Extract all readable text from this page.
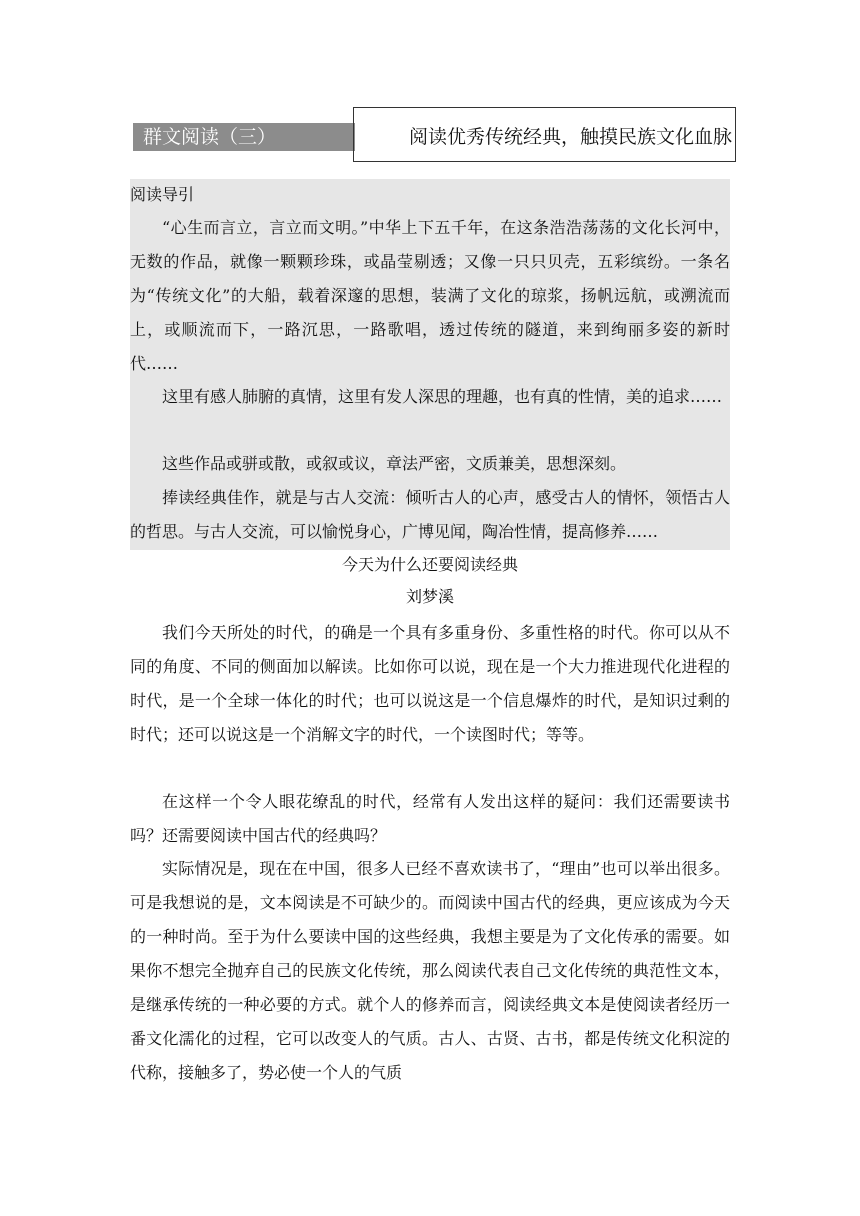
群文阅读（三）	阅读优秀传统经典，触摸民族文化血脉
阅读导引

“心生而言立，言立而文明。”中华上下五千年，在这条浩浩荡荡的文化长河中，无数的作品，就像一颗颗珍珠，或晶莹剔透；又像一只只贝壳，五彩缤纷。一条名为“传统文化”的大船，载着深邃的思想，装满了文化的琼浆，扬帆远航，或溯流而上，或顺流而下，一路沉思，一路歌唱，透过传统的隧道，来到绚丽多姿的新时代……

这里有感人肺腑的真情，这里有发人深思的理趣，也有真的性情，美的追求……

这些作品或骈或散，或叙或议，章法严密，文质兼美，思想深刻。

捧读经典佳作，就是与古人交流：倾听古人的心声，感受古人的情怀，领悟古人的哲思。与古人交流，可以愉悦身心，广博见闻，陶冶性情，提高修养……

今天为什么还要阅读经典
刘梦溪

我们今天所处的时代，的确是一个具有多重身份、多重性格的时代。你可以从不同的角度、不同的侧面加以解读。比如你可以说，现在是一个大力推进现代化进程的时代，是一个全球一体化的时代；也可以说这是一个信息爆炸的时代，是知识过剩的时代；还可以说这是一个消解文字的时代，一个读图时代；等等。

在这样一个令人眼花缭乱的时代，经常有人发出这样的疑问：我们还需要读书吗？还需要阅读中国古代的经典吗？

实际情况是，现在在中国，很多人已经不喜欢读书了，“理由”也可以举出很多。可是我想说的是，文本阅读是不可缺少的。而阅读中国古代的经典，更应该成为今天的一种时尚。至于为什么要读中国的这些经典，我想主要是为了文化传承的需要。如果你不想完全抛弃自己的民族文化传统，那么阅读代表自己文化传统的典范性文本，是继承传统的一种必要的方式。就个人的修养而言，阅读经典文本是使阅读者经历一番文化濡化的过程，它可以改变人的气质。古人、古贤、古书，都是传统文化积淀的代称，接触多了，势必使一个人的气质
